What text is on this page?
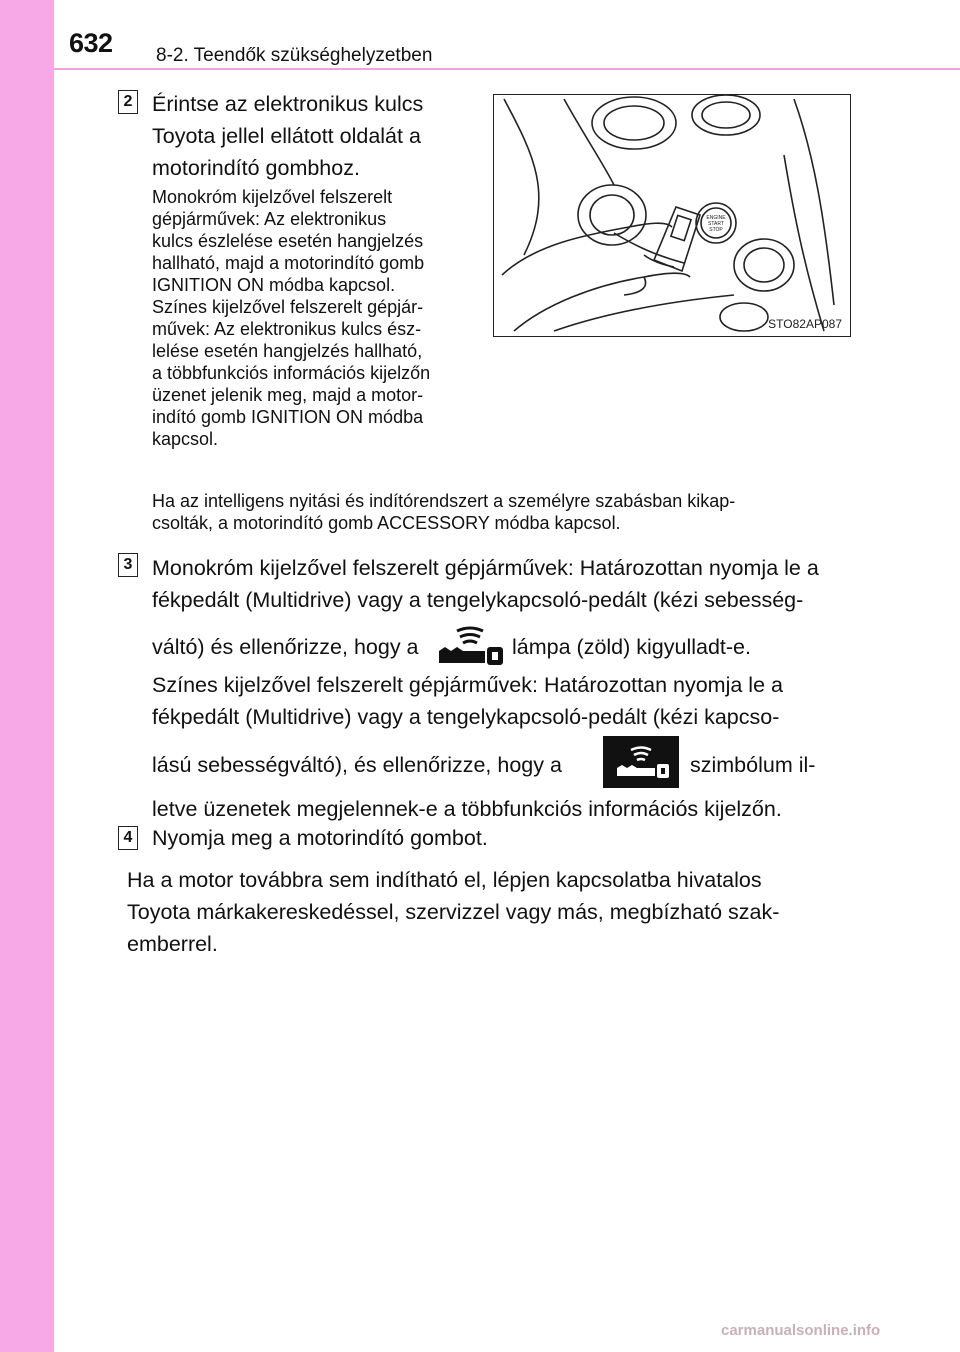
632 8-2. Teendők szükséghelyzetben
2 Érintse az elektronikus kulcs
Toyota jellel ellátott oldalát a
motorindító gombhoz.
Monokróm kijelzővel felszerelt
gépjárművek: Az elektronikus
kulcs észlelése esetén hangjelzés
hallható, majd a motorindító gomb
IGNITION ON módba kapcsol.
Színes kijelzővel felszerelt gépjár-
művek: Az elektronikus kulcs ész-
lelése esetén hangjelzés hallható,
a többfunkciós információs kijelzőn
üzenet jelenik meg, majd a motor-
indító gomb IGNITION ON módba
kapcsol.
ENGINE
START
STOP
STO82AP087
Ha az intelligens nyitási és indítórendszert a személyre szabásban kikap-
csolták, a motorindító gomb ACCESSORY módba kapcsol.
3 Monokróm kijelzővel felszerelt gépjárművek: Határozottan nyomja le a
fékpedált (Multidrive) vagy a tengelykapcsoló-pedált (kézi sebesség-
váltó) és ellenőrizze, hogy a	lámpa (zöld) kigyulladt-e.
Színes kijelzővel felszerelt gépjárművek: Határozottan nyomja le a
fékpedált (Multidrive) vagy a tengelykapcsoló-pedált (kézi kapcso-
lású sebességváltó), és ellenőrizze, hogy a	szimbólum il-
letve üzenetek megjelennek-e a többfunkciós információs kijelzőn.
4 Nyomja meg a motorindító gombot.
Ha a motor továbbra sem indítható el, lépjen kapcsolatba hivatalos
Toyota márkakereskedéssel, szervizzel vagy más, megbízható szak-
emberrel.
carmanualsonline.info
